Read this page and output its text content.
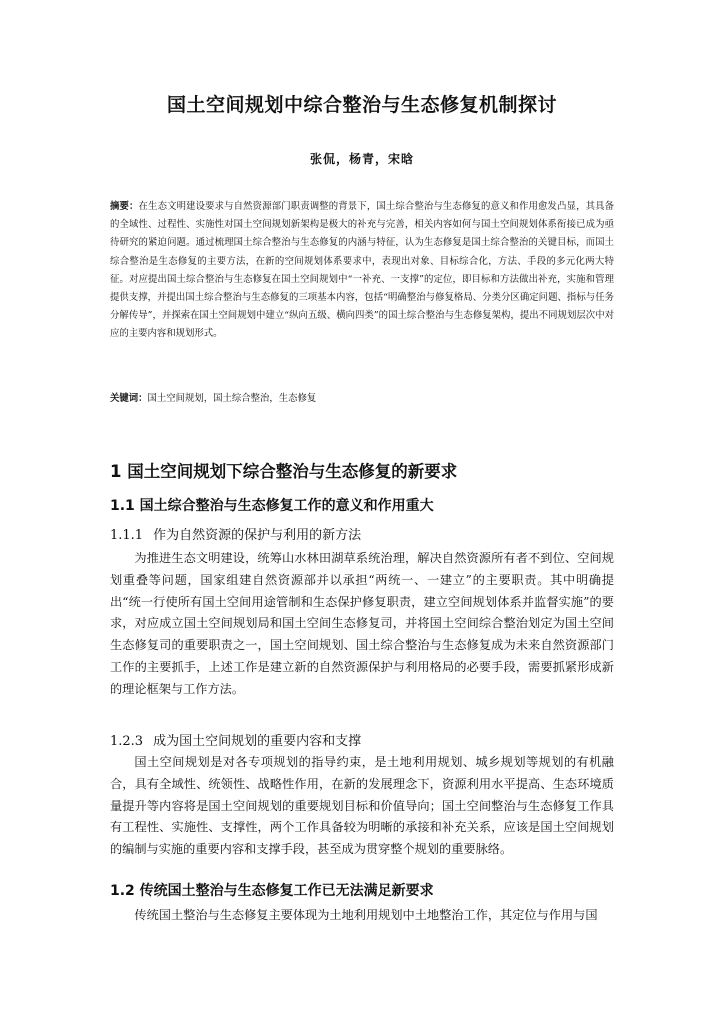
国土空间规划中综合整治与生态修复机制探讨
张侃，杨青，宋晗
摘要：在生态文明建设要求与自然资源部门职责调整的背景下，国土综合整治与生态修复的意义和作用愈发凸显，其具备的全域性、过程性、实施性对国土空间规划新架构是极大的补充与完善，相关内容如何与国土空间规划体系衔接已成为亟待研究的紧迫问题。通过梳理国土综合整治与生态修复的内涵与特征，认为生态修复是国土综合整治的关键目标，而国土综合整治是生态修复的主要方法，在新的空间规划体系要求中，表现出对象、目标综合化，方法、手段的多元化两大特征。对应提出国土综合整治与生态修复在国土空间规划中“一补充、一支撑”的定位，即目标和方法做出补充，实施和管理提供支撑，并提出国土综合整治与生态修复的三项基本内容，包括“明确整治与修复格局、分类分区确定问题、指标与任务分解传导”，并探索在国土空间规划中建立“纵向五级、横向四类”的国土综合整治与生态修复架构，提出不同规划层次中对应的主要内容和规划形式。
关键词：国土空间规划，国土综合整治，生态修复
1 国土空间规划下综合整治与生态修复的新要求
1.1 国土综合整治与生态修复工作的意义和作用重大
1.1.1 作为自然资源的保护与利用的新方法
为推进生态文明建设，统筹山水林田湖草系统治理，解决自然资源所有者不到位、空间规划重叠等问题，国家组建自然资源部并以承担“两统一、一建立”的主要职责。其中明确提出“统一行使所有国土空间用途管制和生态保护修复职责，建立空间规划体系并监督实施”的要求，对应成立国土空间规划局和国土空间生态修复司，并将国土空间综合整治划定为国土空间生态修复司的重要职责之一，国土空间规划、国土综合整治与生态修复成为未来自然资源部门工作的主要抓手，上述工作是建立新的自然资源保护与利用格局的必要手段，需要抓紧形成新的理论框架与工作方法。
1.2.3 成为国土空间规划的重要内容和支撑
国土空间规划是对各专项规划的指导约束，是土地利用规划、城乡规划等规划的有机融合，具有全域性、统领性、战略性作用，在新的发展理念下，资源利用水平提高、生态环境质量提升等内容将是国土空间规划的重要规划目标和价值导向；国土空间整治与生态修复工作具有工程性、实施性、支撑性，两个工作具备较为明晰的承接和补充关系，应该是国土空间规划的编制与实施的重要内容和支撑手段，甚至成为贯穿整个规划的重要脉络。
1.2 传统国土整治与生态修复工作已无法满足新要求
传统国土整治与生态修复主要体现为土地利用规划中土地整治工作，其定位与作用与国
